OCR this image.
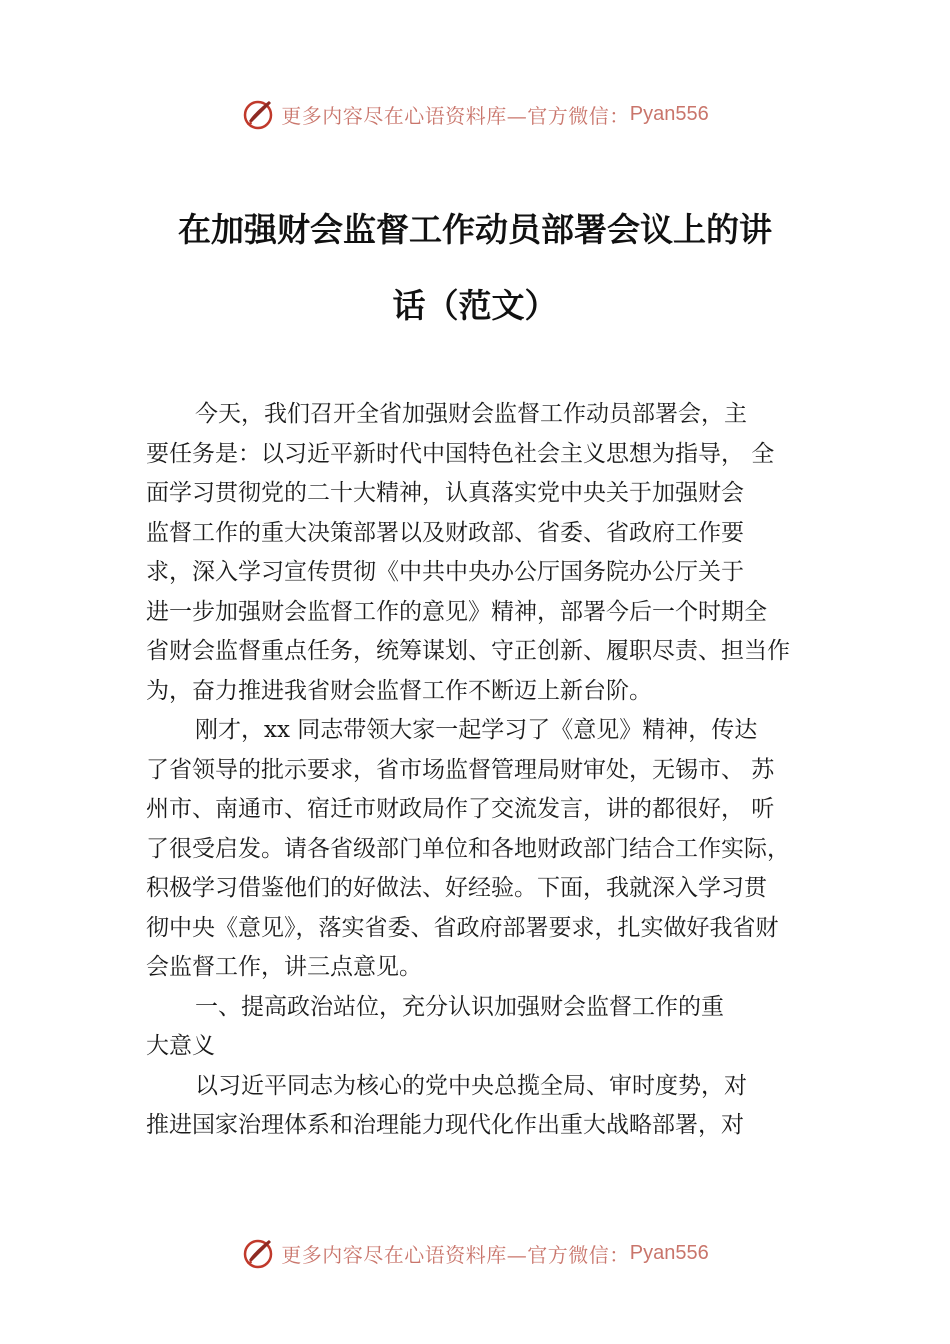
更多内容尽在心语资料库—官方微信： Pyan556
在加强财会监督工作动员部署会议上的讲
话（范文）
今天，我们召开全省加强财会监督工作动员部署会，主
要任务是：以习近平新时代中国特色社会主义思想为指导， 全
面学习贯彻党的二十大精神，认真落实党中央关于加强财会
监督工作的重大决策部署以及财政部、省委、省政府工作要
求，深入学习宣传贯彻《中共中央办公厅国务院办公厅关于
进一步加强财会监督工作的意见》精神，部署今后一个时期全
省财会监督重点任务，统筹谋划、守正创新、履职尽责、担当作
为，奋力推进我省财会监督工作不断迈上新台阶。
刚才，xx 同志带领大家一起学习了《意见》精神，传达
了省领导的批示要求，省市场监督管理局财审处，无锡市、 苏
州市、南通市、宿迁市财政局作了交流发言，讲的都很好， 听
了很受启发。请各省级部门单位和各地财政部门结合工作实际，
积极学习借鉴他们的好做法、好经验。下面，我就深入学习贯
彻中央《意见》，落实省委、省政府部署要求，扎实做好我省财
会监督工作，讲三点意见。
一、提高政治站位，充分认识加强财会监督工作的重
大意义
以习近平同志为核心的党中央总揽全局、审时度势，对
推进国家治理体系和治理能力现代化作出重大战略部署，对
更多内容尽在心语资料库—官方微信： Pyan556
